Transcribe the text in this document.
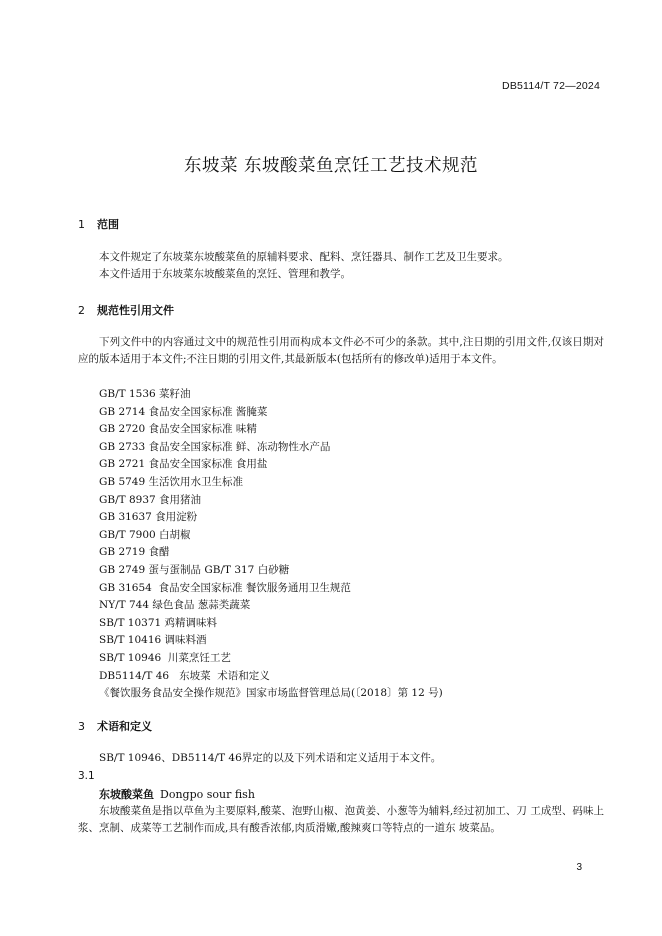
DB5114/T 72—2024
东坡菜 东坡酸菜鱼烹饪工艺技术规范
1 范围
本文件规定了东坡菜东坡酸菜鱼的原辅料要求、配料、烹饪器具、制作工艺及卫生要求。
本文件适用于东坡菜东坡酸菜鱼的烹饪、管理和教学。
2 规范性引用文件
下列文件中的内容通过文中的规范性引用而构成本文件必不可少的条款。其中,注日期的引用文件,仅该日期对应的版本适用于本文件;不注日期的引用文件,其最新版本(包括所有的修改单)适用于本文件。
GB/T 1536 菜籽油
GB 2714 食品安全国家标准 酱腌菜
GB 2720 食品安全国家标准 味精
GB 2733 食品安全国家标准 鲜、冻动物性水产品
GB 2721 食品安全国家标准 食用盐
GB 5749 生活饮用水卫生标准
GB/T 8937 食用猪油
GB 31637 食用淀粉
GB/T 7900 白胡椒
GB 2719 食醋
GB 2749 蛋与蛋制品 GB/T 317 白砂糖
GB 31654  食品安全国家标准 餐饮服务通用卫生规范
NY/T 744 绿色食品 葱蒜类蔬菜
SB/T 10371 鸡精调味料
SB/T 10416 调味料酒
SB/T 10946  川菜烹饪工艺
DB5114/T 46   东坡菜  术语和定义
《餐饮服务食品安全操作规范》国家市场监督管理总局(〔2018〕第 12 号)
3 术语和定义
SB/T 10946、DB5114/T 46界定的以及下列术语和定义适用于本文件。
3.1
东坡酸菜鱼 Dongpo sour fish
东坡酸菜鱼是指以草鱼为主要原料,酸菜、泡野山椒、泡黄姜、小葱等为辅料,经过初加工、刀 工成型、码味上浆、烹制、成菜等工艺制作而成,具有酸香浓郁,肉质滑嫩,酸辣爽口等特点的一道东 坡菜品。
3
